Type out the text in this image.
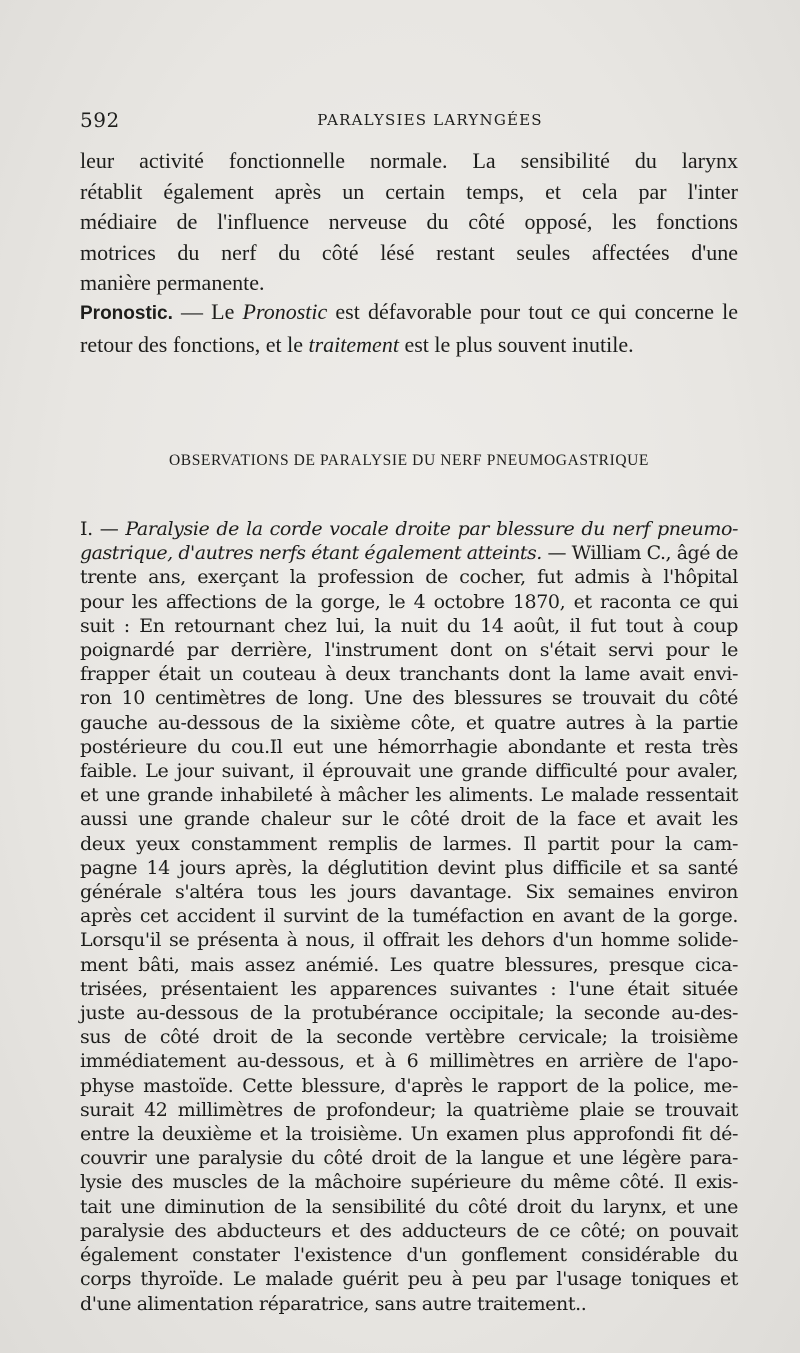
592	PARALYSIES LARYNGÉES
leur activité fonctionnelle normale. La sensibilité du larynx
rétablit également après un certain temps, et cela par l'inter
médiaire de l'influence nerveuse du côté opposé, les fonctions
motrices du nerf du côté lésé restant seules affectées d'une
manière permanente.
Pronostic. — Le Pronostic est défavorable pour tout ce qui concerne le retour des fonctions, et le traitement est le plus souvent inutile.
OBSERVATIONS DE PARALYSIE DU NERF PNEUMOGASTRIQUE
I. — Paralysie de la corde vocale droite par blessure du nerf pneumo-
gastrique, d'autres nerfs étant également atteints. — William C., âgé de
trente ans, exerçant la profession de cocher, fut admis à l'hôpital
pour les affections de la gorge, le 4 octobre 1870, et raconta ce qui
suit : En retournant chez lui, la nuit du 14 août, il fut tout à coup
poignardé par derrière, l'instrument dont on s'était servi pour le
frapper était un couteau à deux tranchants dont la lame avait envi-
ron 10 centimètres de long. Une des blessures se trouvait du côté
gauche au-dessous de la sixième côte, et quatre autres à la partie
postérieure du cou.Il eut une hémorrhagie abondante et resta très
faible. Le jour suivant, il éprouvait une grande difficulté pour avaler,
et une grande inhabileté à mâcher les aliments. Le malade ressentait
aussi une grande chaleur sur le côté droit de la face et avait les
deux yeux constamment remplis de larmes. Il partit pour la cam-
pagne 14 jours après, la déglutition devint plus difficile et sa santé
générale s'altéra tous les jours davantage. Six semaines environ
après cet accident il survint de la tuméfaction en avant de la gorge.
Lorsqu'il se présenta à nous, il offrait les dehors d'un homme solide-
ment bâti, mais assez anémié. Les quatre blessures, presque cica-
trisées, présentaient les apparences suivantes : l'une était située
juste au-dessous de la protubérance occipitale; la seconde au-des-
sus de côté droit de la seconde vertèbre cervicale; la troisième
immédiatement au-dessous, et à 6 millimètres en arrière de l'apo-
physe mastoïde. Cette blessure, d'après le rapport de la police, me-
surait 42 millimètres de profondeur; la quatrième plaie se trouvait
entre la deuxième et la troisième. Un examen plus approfondi fit dé-
couvrir une paralysie du côté droit de la langue et une légère para-
lysie des muscles de la mâchoire supérieure du même côté. Il exis-
tait une diminution de la sensibilité du côté droit du larynx, et une
paralysie des abducteurs et des adducteurs de ce côté; on pouvait
également constater l'existence d'un gonflement considérable du
corps thyroïde. Le malade guérit peu à peu par l'usage toniques et
d'une alimentation réparatrice, sans autre traitement..
